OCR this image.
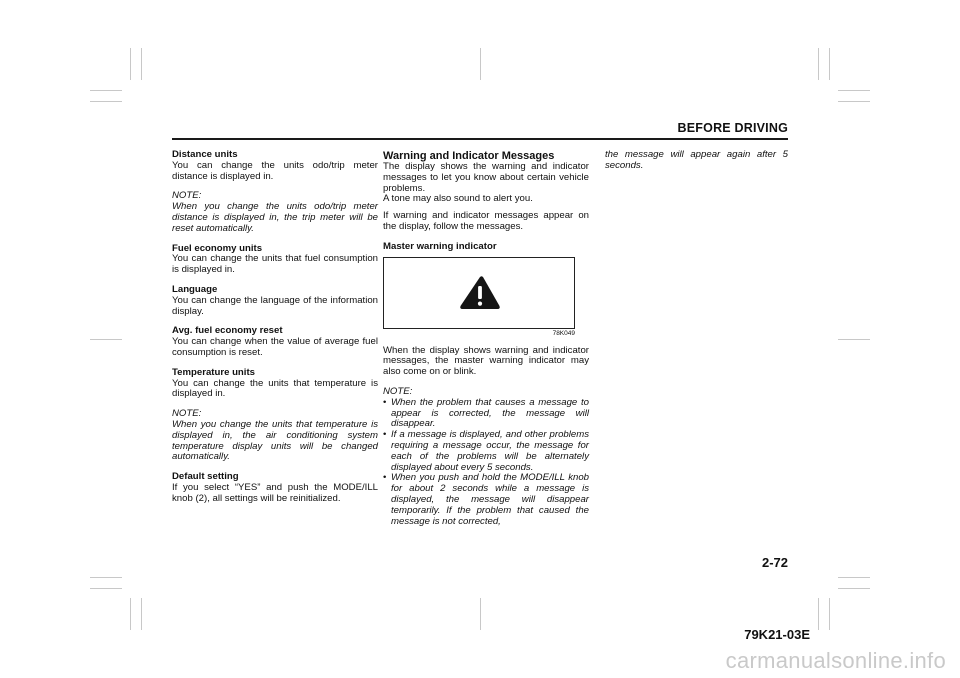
BEFORE DRIVING

Distance units
You can change the units odo/trip meter distance is displayed in.

NOTE:
When you change the units odo/trip meter distance is displayed in, the trip meter will be reset automatically.

Fuel economy units
You can change the units that fuel consumption is displayed in.

Language
You can change the language of the information display.

Avg. fuel economy reset
You can change when the value of average fuel consumption is reset.

Temperature units
You can change the units that temperature is displayed in.

NOTE:
When you change the units that temperature is displayed in, the air conditioning system temperature display units will be changed automatically.

Default setting
If you select “YES” and push the MODE/ILL knob (2), all settings will be reinitialized.

Warning and Indicator Messages
The display shows the warning and indicator messages to let you know about certain vehicle problems.
A tone may also sound to alert you.

If warning and indicator messages appear on the display, follow the messages.

Master warning indicator

78K049

When the display shows warning and indicator messages, the master warning indicator may also come on or blink.

NOTE:
• When the problem that causes a message to appear is corrected, the message will disappear.
• If a message is displayed, and other problems requiring a message occur, the message for each of the problems will be alternately displayed about every 5 seconds.
• When you push and hold the MODE/ILL knob for about 2 seconds while a message is displayed, the message will disappear temporarily. If the problem that caused the message is not corrected,

the message will appear again after 5 seconds.

2-72
79K21-03E
carmanualsonline.info
